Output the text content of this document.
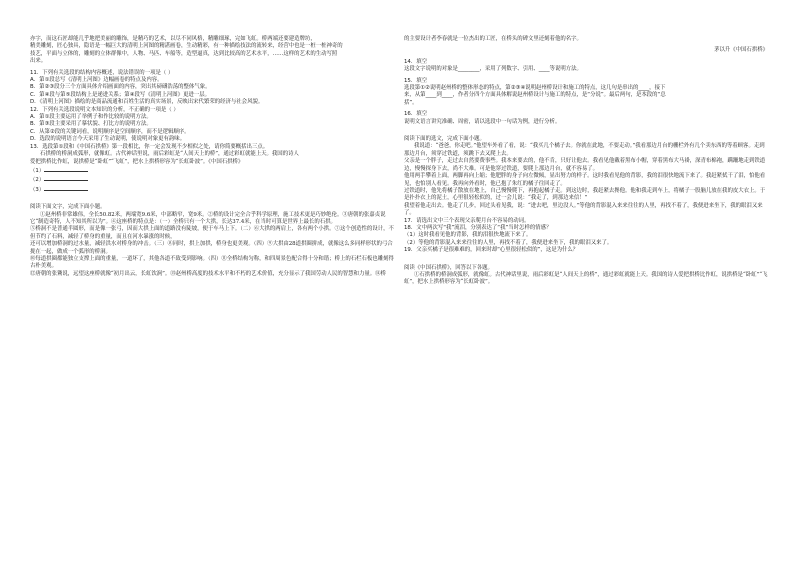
亦字，而这石匠却能几乎地把美丽的雕饰，是精巧的艺术，以尽不同风格，精雕细琢，完如飞虹。桥两端还要建造牌坊，

精美雕刻，匠心独具，隐语是一幅巨大的清明上河图的精湛画卷，生动精彩，有一种描绘技法的流转来，经营中也是一桩一桩神奇的

技艺，平面与立体的，雕刻的立体群像中，人物、马匹、车船等，造型逼真，达到比较高的艺术水平，……这样的艺术的生动写照

出来。

11．下列有关选段的结构内容概述，说法错误的一项是（ ）

A．第①段总写《清明上河图》边幅画卷的特点及内容。

B．第②③段分三个方面具体介绍画面的内容，突出其磅礴浩荡的整体气象。

C．第④段与第⑤段结构上是递进关系；第④段写《清明上河图》更进一层。

D．《清明上河图》描绘的是商品流通和百姓生活的真实场景，反映出宋代繁荣的经济与社会风貌。

12．下列有关选段说明文本知识的分析，不正确的一项是（ ）

A．第①段主要运用了举例子和作比较的说明方法。

B．第③段主要采用了摹状貌、打比方的说明方法。

C．从第②段的关键词看，说明顺序是空间顺序，而不是逻辑顺序。

D．选段的说明语言今天采用了生动说明，使说明对象更有韵味。

13．选段第①段和《中国石拱桥》第一段相比，你一定会发现不少相似之处，请你简要概括出三点。

石拱桥的桥洞成弧形，就像虹。古代神话里说，雨后彩虹是“人间天上的桥”，通过彩虹就能上天。我国的诗人

爱把拱桥比作虹，说拱桥是“卧虹”“飞虹”，把水上拱桥形容为“长虹卧波”。《中国石拱桥》

（1）

（2）

（3）

阅读下面文字，完成下面小题。

①赵州桥非常雄伟，全长50.82米，两端宽9.6米，中部略窄，宽9米。②桥的设计完全合乎科学原理，施工技术更是巧妙绝伦。③唐朝的张嘉贞说它“制造奇特，人不知其所以为”。④这座桥的特点是：（一）全桥只有一个大拱，长达37.4米，在当时可算是世界上最长的石拱。

⑤桥洞不是普通半圆形，而是像一张弓，因而大拱上面的道路没有陡坡，便于车马上下。（二）⑥大拱的两肩上，各有两个小拱。⑦这个创造性的设计，不但节约了石料，减轻了桥身的重量，而且在河水暴涨的时候，

还可以增加桥洞的过水量，减轻洪水对桥身的冲击。（三）⑧同时，拱上加拱，桥身也更美观。（四）⑨大拱由28道拱圈拼成，就像这么多同样形状的弓合拢在一起，做成一个弧形的桥洞。

⑩每道拱圈都能独立支撑上面的重量，一道坏了，其他各道不致受到影响。（四）⑪全桥结构匀称，和四周景色配合得十分和谐；桥上的石栏石板也雕刻得古朴美观。

⑫唐朝的张鷟说，远望这座桥就像“初月出云，长虹饮涧”。⑬赵州桥高度的技术水平和不朽的艺术价值，充分显示了我国劳动人民的智慧和力量。⑭桥

的主要设计者李春就是一位杰出的工匠，在桥头的碑文里还刻着他的名字。

茅以升《中国石拱桥》

14．填空

这段文字说明的对象是________，采用了列数字、引用、____等说明方法。

15．填空

选段第①②说明赵州桥的整体形态的特点，第②③④说明赵州桥设计和施工的特点，这几句是串出的____，接下

来，从第____到____，作者分四个方面具体解说赵州桥设计与施工的特点，是“分说”。最后两句，是本段的“总

括”。

16．填空

说明文语言讲究准确、周密，请以选段中一句话为例，进行分析。

阅读下面的选文，完成下面小题。

我说道：“爸爸，你走吧。”他望车外看了看，说：“我买几个橘子去。你就在此地，不要走动。”我看那边月台的栅栏外有几个卖东西的等着顾客。走到那边月台，须穿过铁道，须跳下去又爬上去。

父亲是一个胖子，走过去自然要费事些。我本来要去的，他不肯，只好让他去。我看见他戴着黑布小帽，穿着黑布大马褂，深青布棉袍，蹒跚地走到铁道边，慢慢探身下去，尚不大难。可是他穿过铁道，要爬上那边月台，就不容易了。

他用两手攀着上面，两脚再向上缩；他肥胖的身子向左微倾，显出努力的样子。这时我看见他的背影，我的泪很快地流下来了。我赶紧拭干了泪，怕他看见，也怕别人看见。我再向外看时，他已抱了朱红的橘子往回走了。

过铁道时，他先将橘子散放在地上，自己慢慢爬下，再抱起橘子走。到这边时，我赶紧去搀他。他和我走到车上，将橘子一股脑儿放在我的皮大衣上。于是扑扑衣上的泥土，心里很轻松似的，过一会儿说：“我走了，到那边来信！”

我望着他走出去。他走了几步，回过头看见我，说：“进去吧，里边没人。”等他的背影混入来来往往的人里，再找不着了，我便进来坐下，我的眼泪又来了。

17．请选出文中三个表现父亲爬月台不容易的动词。

18．文中两次写“我”流泪，分别表达了“我”当时怎样的情感？

（1）这时我看见他的背影，我的泪很快地流下来了。

（2）等他的背影混入来来往往的人里，再找不着了，我便进来坐下，我的眼泪又来了。

19．父亲买橘子是很难难的，回来时却“心里很轻松似的”，这是为什么？

阅读《中国石拱桥》，回答以下各题。

①石拱桥的桥洞成弧形，就像虹。古代神话里说，雨后彩虹是“人间天上的桥”，通过彩虹就能上天。我国的诗人爱把拱桥比作虹，说拱桥是“卧虹”“飞虹”，把水上拱桥形容为“长虹卧波”。
